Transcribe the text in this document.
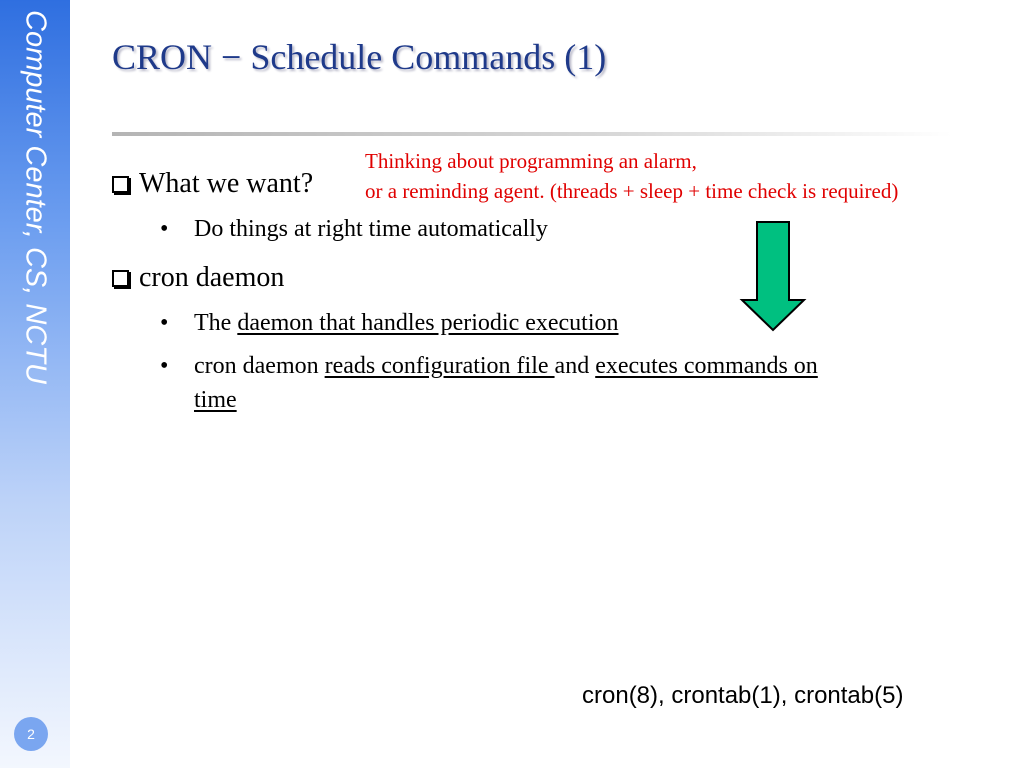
Computer Center, CS, NCTU
2
CRON − Schedule Commands (1)
What we want?
• Do things at right time automatically
cron daemon
• The daemon that handles periodic execution
• cron daemon reads configuration file and executes commands on
time
Thinking about programming an alarm,
or a reminding agent. (threads + sleep + time check is required)
cron(8), crontab(1), crontab(5)
